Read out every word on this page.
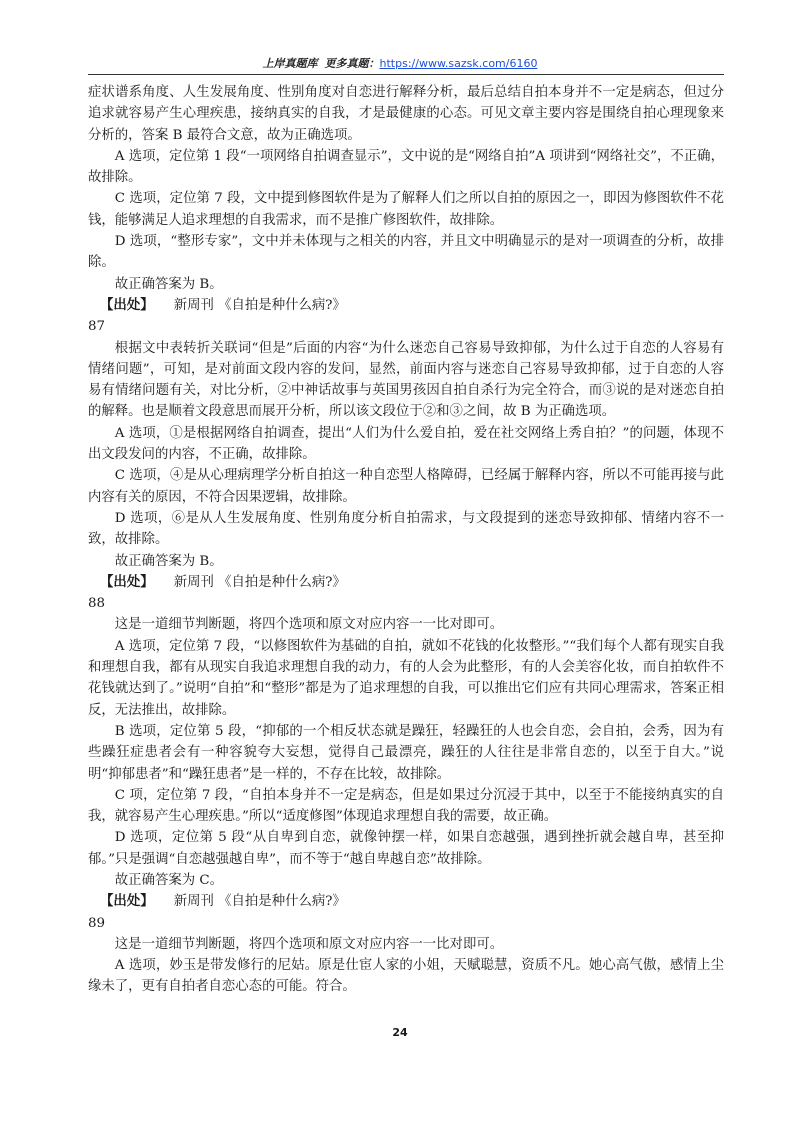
上岸真题库 更多真题：https://www.sazsk.com/6160

症状谱系角度、人生发展角度、性别角度对自恋进行解释分析，最后总结自拍本身并不一定是病态，但过分追求就容易产生心理疾患，接纳真实的自我，才是最健康的心态。可见文章主要内容是围绕自拍心理现象来分析的，答案 B 最符合文意，故为正确选项。

A 选项，定位第 1 段“一项网络自拍调查显示”，文中说的是“网络自拍”A 项讲到“网络社交”，不正确，故排除。

C 选项，定位第 7 段，文中提到修图软件是为了解释人们之所以自拍的原因之一，即因为修图软件不花钱，能够满足人追求理想的自我需求，而不是推广修图软件，故排除。

D 选项，“整形专家”，文中并未体现与之相关的内容，并且文中明确显示的是对一项调查的分析，故排除。

故正确答案为 B。

【出处】   新周刊 《自拍是种什么病?》

87

根据文中表转折关联词“但是”后面的内容“为什么迷恋自己容易导致抑郁，为什么过于自恋的人容易有情绪问题”，可知，是对前面文段内容的发问，显然，前面内容与迷恋自己容易导致抑郁，过于自恋的人容易有情绪问题有关，对比分析，②中神话故事与英国男孩因自拍自杀行为完全符合，而③说的是对迷恋自拍的解释。也是顺着文段意思而展开分析，所以该文段位于②和③之间，故 B 为正确选项。

A 选项，①是根据网络自拍调查，提出“人们为什么爱自拍，爱在社交网络上秀自拍？”的问题，体现不出文段发问的内容，不正确，故排除。

C 选项，④是从心理病理学分析自拍这一种自恋型人格障碍，已经属于解释内容，所以不可能再接与此内容有关的原因，不符合因果逻辑，故排除。

D 选项，⑥是从人生发展角度、性别角度分析自拍需求，与文段提到的迷恋导致抑郁、情绪内容不一致，故排除。

故正确答案为 B。

【出处】   新周刊 《自拍是种什么病?》

88

这是一道细节判断题，将四个选项和原文对应内容一一比对即可。

A 选项，定位第 7 段，“以修图软件为基础的自拍，就如不花钱的化妆整形。”“我们每个人都有现实自我和理想自我，都有从现实自我追求理想自我的动力，有的人会为此整形，有的人会美容化妆，而自拍软件不花钱就达到了。”说明“自拍”和“整形”都是为了追求理想的自我，可以推出它们应有共同心理需求，答案正相反，无法推出，故排除。

B 选项，定位第 5 段，“抑郁的一个相反状态就是躁狂，轻躁狂的人也会自恋，会自拍，会秀，因为有些躁狂症患者会有一种容貌夸大妄想，觉得自己最漂亮，躁狂的人往往是非常自恋的，以至于自大。”说明“抑郁患者”和“躁狂患者”是一样的，不存在比较，故排除。

C 项，定位第 7 段，“自拍本身并不一定是病态，但是如果过分沉浸于其中，以至于不能接纳真实的自我，就容易产生心理疾患。”所以“适度修图”体现追求理想自我的需要，故正确。

D 选项，定位第 5 段“从自卑到自恋，就像钟摆一样，如果自恋越强，遇到挫折就会越自卑，甚至抑郁。”只是强调“自恋越强越自卑”，而不等于“越自卑越自恋”故排除。

故正确答案为 C。

【出处】   新周刊 《自拍是种什么病?》

89

这是一道细节判断题，将四个选项和原文对应内容一一比对即可。

A 选项，妙玉是带发修行的尼姑。原是仕宦人家的小姐，天赋聪慧，资质不凡。她心高气傲，感情上尘缘未了，更有自拍者自恋心态的可能。符合。

24
